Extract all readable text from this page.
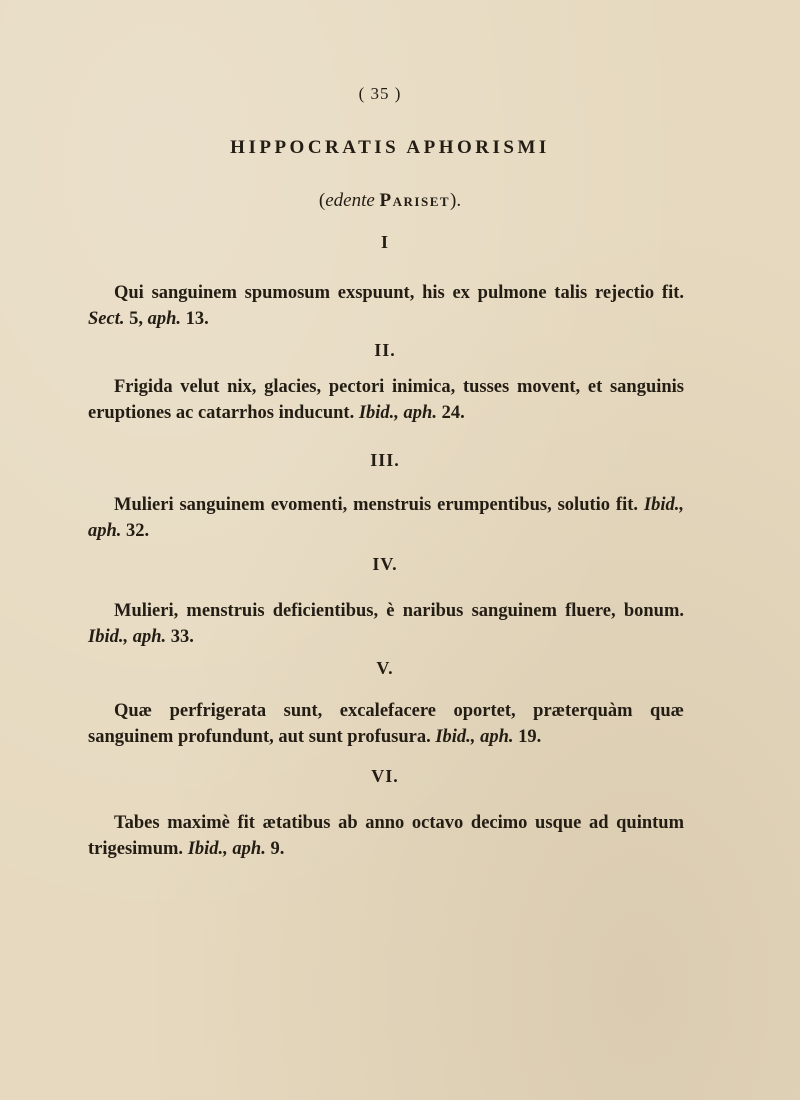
( 35 )
HIPPOCRATIS APHORISMI
(edente Pariset).
I
Qui sanguinem spumosum exspuunt, his ex pulmone talis rejectio fit. Sect. 5, aph. 13.
II.
Frigida velut nix, glacies, pectori inimica, tusses movent, et sanguinis eruptiones ac catarrhos inducunt. Ibid., aph. 24.
III.
Mulieri sanguinem evomenti, menstruis erumpentibus, solutio fit. Ibid., aph. 32.
IV.
Mulieri, menstruis deficientibus, è naribus sanguinem fluere, bonum. Ibid., aph. 33.
V.
Quæ perfrigerata sunt, excalefacere oportet, præterquàm quæ sanguinem profundunt, aut sunt profusura. Ibid., aph. 19.
VI.
Tabes maximè fit ætatibus ab anno octavo decimo usque ad quintum trigesimum. Ibid., aph. 9.
